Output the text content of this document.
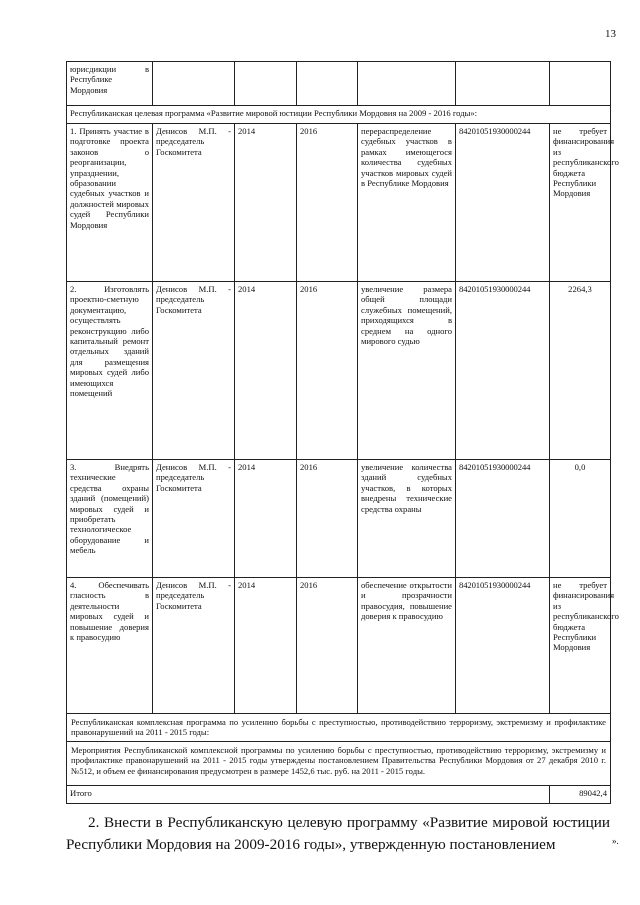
13
юрисдикции в Республике Мордовия						
Республиканская целевая программа «Развитие мировой юстиции Республики Мордовия на 2009 - 2016 годы»:						
1. Принять участие в подготовке проекта законов о реорганизации, упразднении, образовании судебных участков и должностей мировых судей Республики Мордовия	Денисов М.П. - председатель Госкомитета	2014	2016	перераспределение судебных участков в рамках имеющегося количества судебных участков мировых судей в Республике Мордовия	842010519З0000244	не требует финансирования из республиканского бюджета Республики Мордовия
2. Изготовлять проектно-сметную документацию, осуществлять реконструкцию либо капитальный ремонт отдельных зданий для размещения мировых судей либо имеющихся помещений	Денисов М.П. - председатель Госкомитета	2014	2016	увеличение размера общей площади служебных помещений, приходящихся в среднем на одного мирового судью	84201051930000244	2264,3
3. Внедрять технические средства охраны зданий (помещений) мировых судей и приобретать технологическое оборудование и мебель	Денисов М.П. - председатель Госкомитета	2014	2016	увеличение количества зданий судебных участков, в которых внедрены технические средства охраны	84201051930000244	0,0
4. Обеспечивать гласность в деятельности мировых судей и повышение доверия к правосудию	Денисов М.П. - председатель Госкомитета	2014	2016	обеспечение открытости и прозрачности правосудия, повышение доверия к правосудию	84201051930000244	не требует финансирования из республиканского бюджета Республики Мордовия
Республиканская комплексная программа по усилению борьбы с преступностью, противодействию терроризму, экстремизму и профилактике правонарушений на 2011 - 2015 годы:						
Мероприятия Республиканской комплексной программы по усилению борьбы с преступностью, противодействию терроризму, экстремизму и профилактике правонарушений на 2011 - 2015 годы утверждены постановлением Правительства Республики Мордовия от 27 декабря 2010 г. №512, и объем ее финансирования предусмотрен в размере 1452,6 тыс. руб. на 2011 - 2015 годы.						
Итого						89042,4
».
2. Внести в Республиканскую целевую программу «Развитие мировой юстиции Республики Мордовия на 2009-2016 годы», утвержденную постановлением
